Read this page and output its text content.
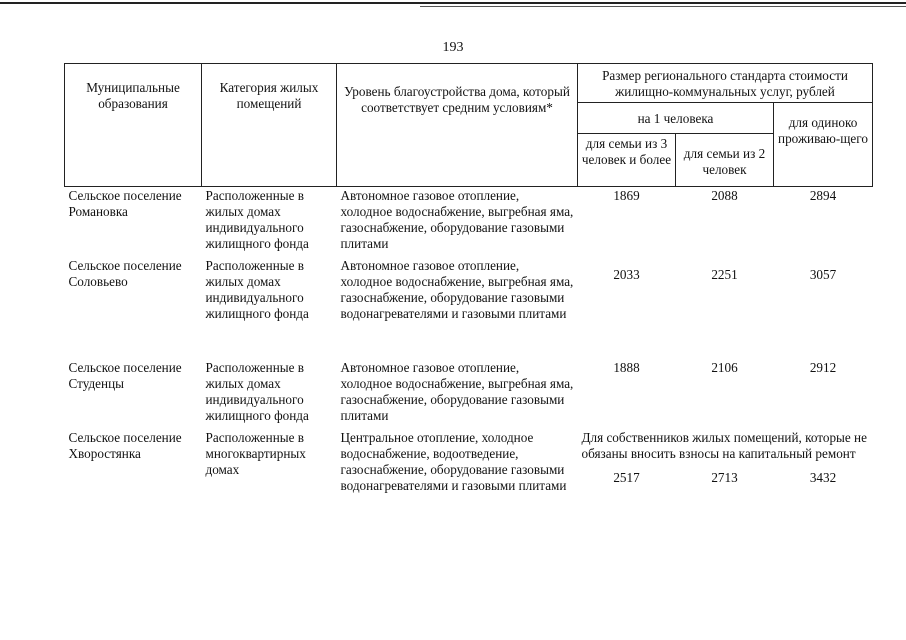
193
Муниципальные образования	Категория жилых помещений	Уровень благоустройства дома, который соответствует средним условиям*	Размер регионального стандарта стоимости жилищно-коммунальных услуг, рублей		
			на 1 человека		для одиноко проживаю-щего
			для семьи из 3 человек и более	для семьи из 2 человек	
Сельское поселение Романовка	Расположенные в жилых домах индивидуального жилищного фонда	Автономное газовое отопление, холодное водоснабжение, выгребная яма, газоснабжение, оборудование газовыми плитами	1869	2088	2894
Сельское поселение Соловьево	Расположенные в жилых домах индивидуального жилищного фонда	Автономное газовое отопление, холодное водоснабжение, выгребная яма, газоснабжение, оборудование газовыми водонагревателями и газовыми плитами	2033	2251	3057
Сельское поселение Студенцы	Расположенные в жилых домах индивидуального жилищного фонда	Автономное газовое отопление, холодное водоснабжение, выгребная яма, газоснабжение, оборудование газовыми плитами	1888	2106	2912
Сельское поселение Хворостянка	Расположенные в многоквартирных домах	Центральное отопление, холодное водоснабжение, водоотведение, газоснабжение, оборудование газовыми водонагревателями и газовыми плитами	Для собственников жилых помещений, которые не обязаны вносить взносы на капитальный ремонт		
			2517	2713	3432
